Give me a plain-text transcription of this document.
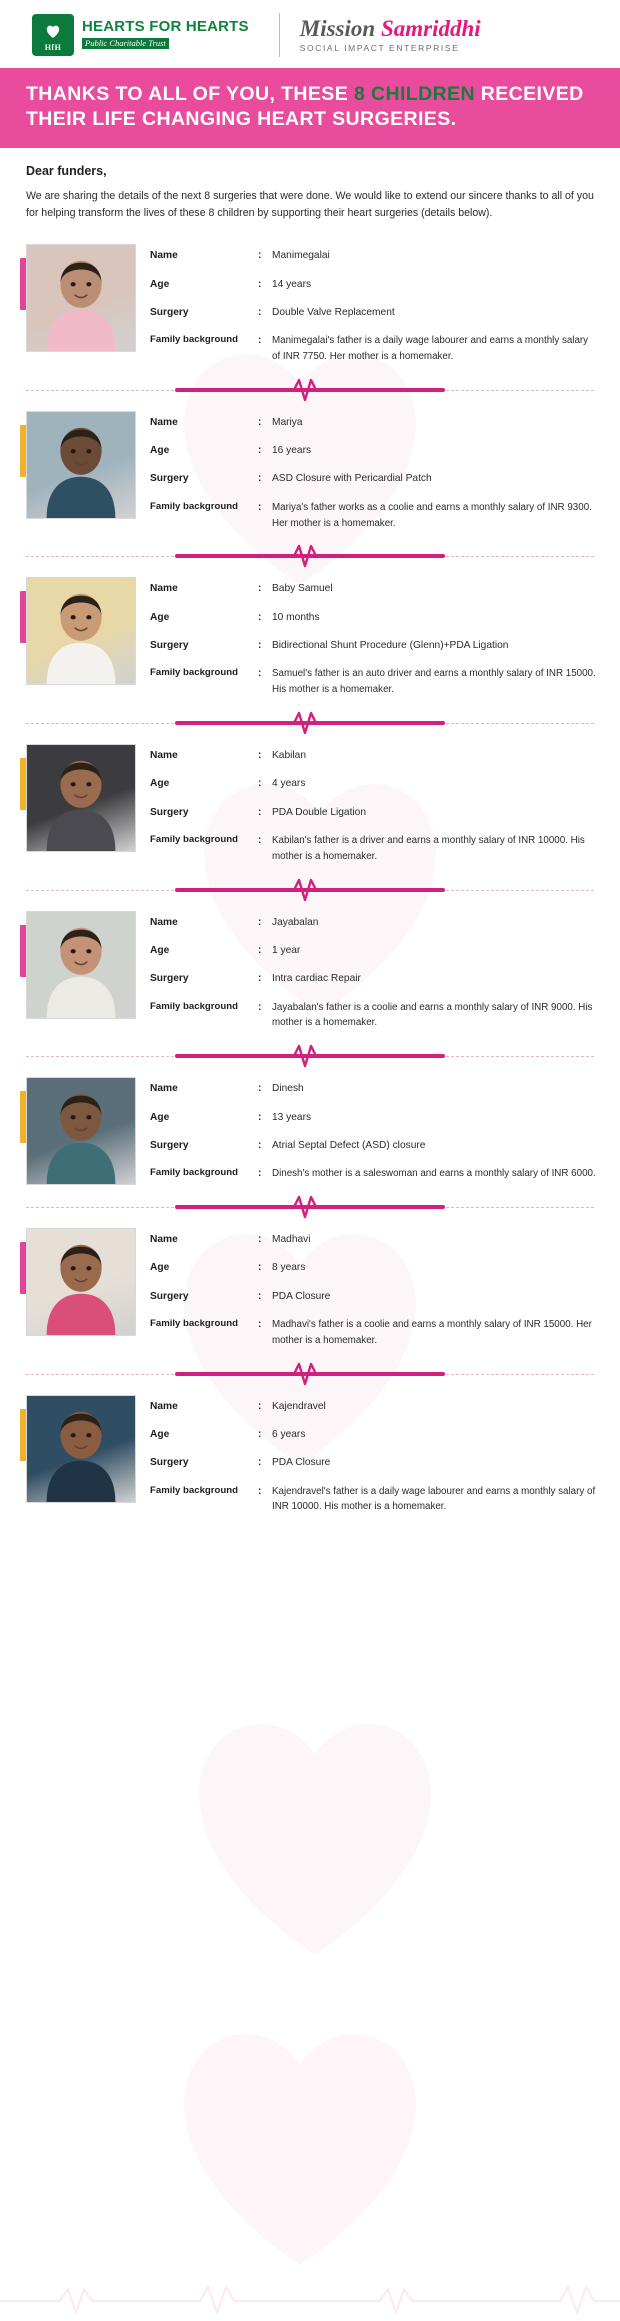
HfH
HEARTS FOR HEARTS
Public Charitable Trust
Mission Samriddhi
SOCIAL IMPACT ENTERPRISE
THANKS TO ALL OF YOU, THESE 8 CHILDREN RECEIVED
THEIR LIFE CHANGING HEART SURGERIES.
Dear funders,

We are sharing the details of the next 8 surgeries that were done. We would like to extend our sincere thanks to all of you for helping transform the lives of these 8 children by supporting their heart surgeries (details below).

Name	:	Manimegalai
Age	:	14 years
Surgery	:	Double Valve Replacement
Family background	:	Manimegalai's father is a daily wage labourer and earns a monthly salary of INR 7750. Her mother is a homemaker.
Name	:	Mariya
Age	:	16 years
Surgery	:	ASD Closure with Pericardial Patch
Family background	:	Mariya's father works as a coolie and earns a monthly salary of INR 9300. Her mother is a homemaker.
Name	:	Baby Samuel
Age	:	10 months
Surgery	:	Bidirectional Shunt Procedure (Glenn)+PDA Ligation
Family background	:	Samuel's father is an auto driver and earns a monthly salary of INR 15000. His mother is a homemaker.
Name	:	Kabilan
Age	:	4 years
Surgery	:	PDA Double Ligation
Family background	:	Kabilan's father is a driver and earns a monthly salary of INR 10000. His mother is a homemaker.
Name	:	Jayabalan
Age	:	1 year
Surgery	:	Intra cardiac Repair
Family background	:	Jayabalan's father is a coolie and earns a monthly salary of INR 9000. His mother is a homemaker.
Name	:	Dinesh
Age	:	13 years
Surgery	:	Atrial Septal Defect (ASD) closure
Family background	:	Dinesh's mother is a saleswoman and earns a monthly salary of INR 6000.
Name	:	Madhavi
Age	:	8 years
Surgery	:	PDA Closure
Family background	:	Madhavi's father is a coolie and earns a monthly salary of INR 15000. Her mother is a homemaker.
Name	:	Kajendravel
Age	:	6 years
Surgery	:	PDA Closure
Family background	:	Kajendravel's father is a daily wage labourer and earns a monthly salary of INR 10000. His mother is a homemaker.
